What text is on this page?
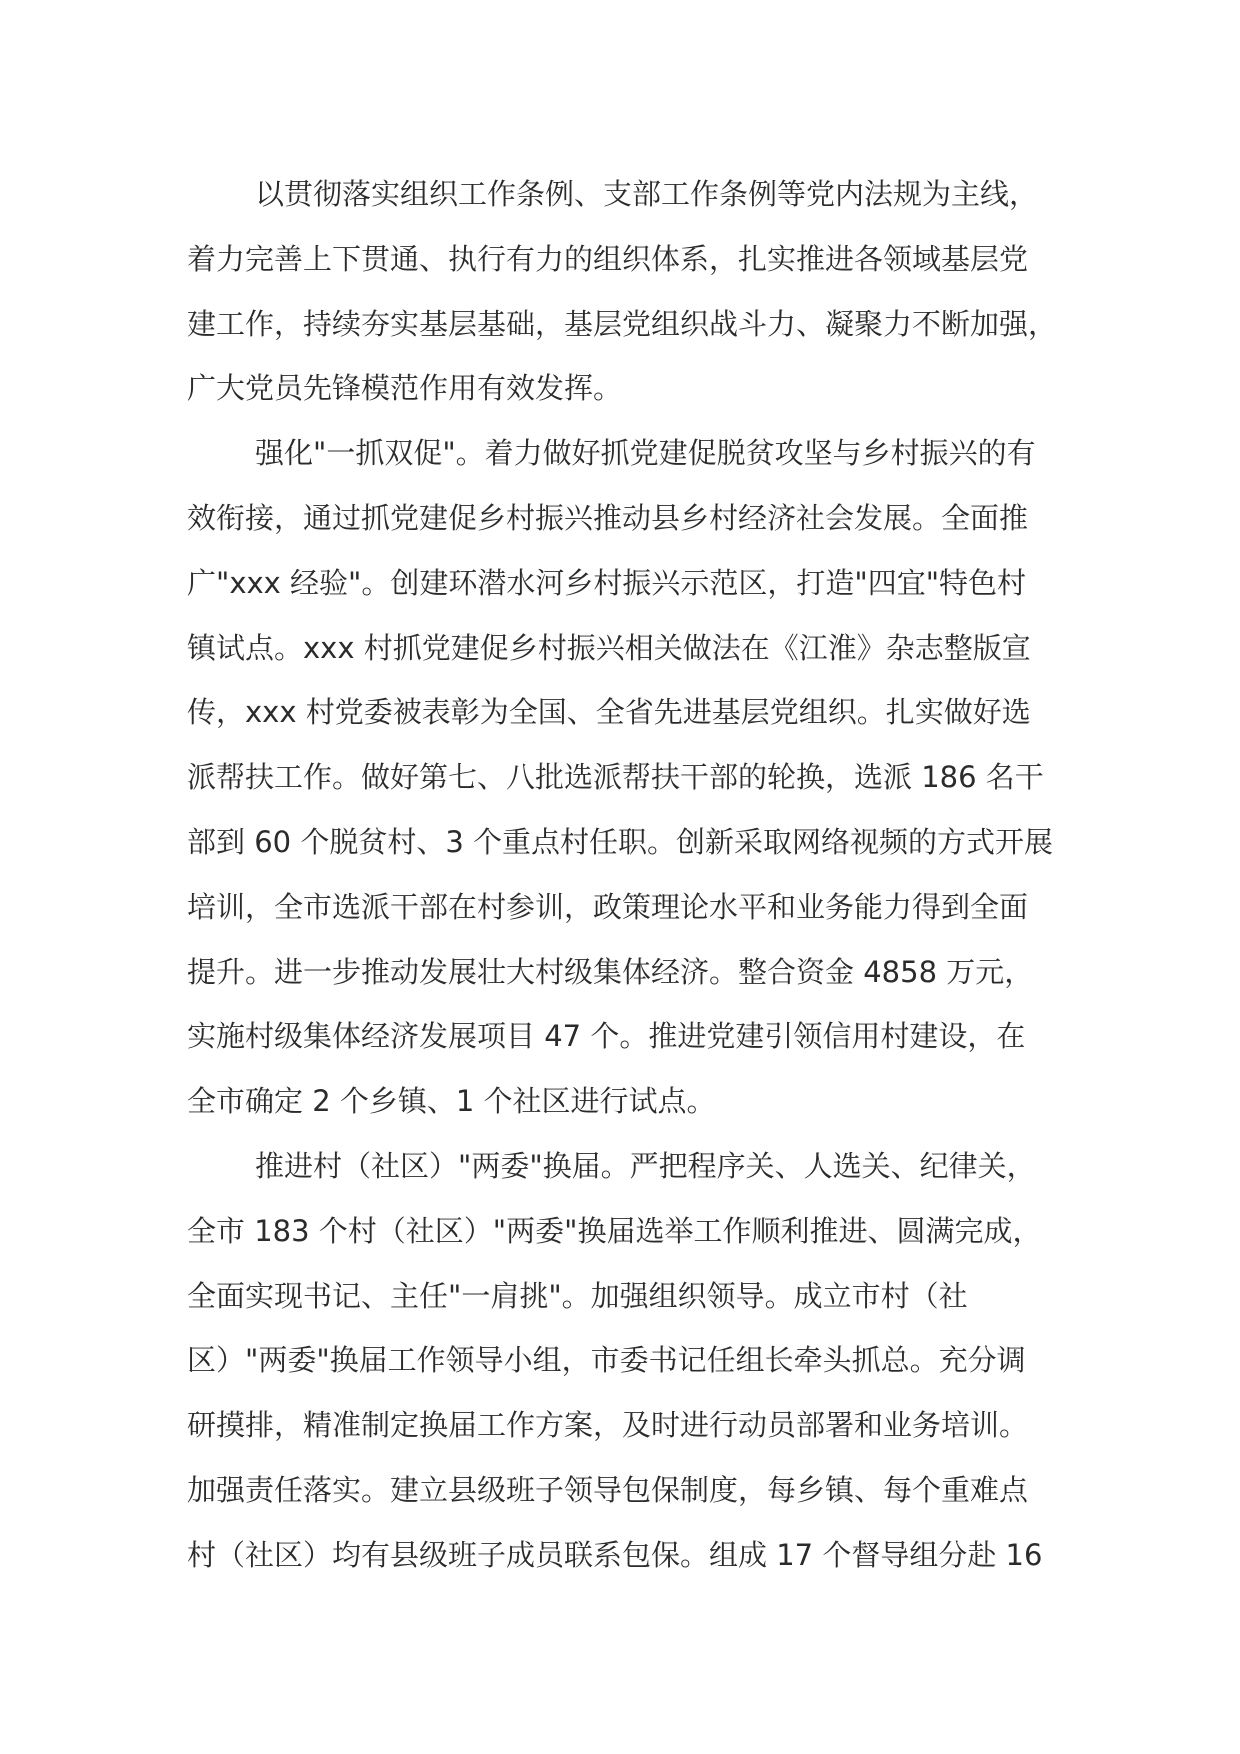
以贯彻落实组织工作条例、支部工作条例等党内法规为主线，
着力完善上下贯通、执行有力的组织体系，扎实推进各领域基层党
建工作，持续夯实基层基础，基层党组织战斗力、凝聚力不断加强，
广大党员先锋模范作用有效发挥。

强化"一抓双促"。着力做好抓党建促脱贫攻坚与乡村振兴的有
效衔接，通过抓党建促乡村振兴推动县乡村经济社会发展。全面推
广"xxx 经验"。创建环潜水河乡村振兴示范区，打造"四宜"特色村
镇试点。xxx 村抓党建促乡村振兴相关做法在《江淮》杂志整版宣
传，xxx 村党委被表彰为全国、全省先进基层党组织。扎实做好选
派帮扶工作。做好第七、八批选派帮扶干部的轮换，选派 186 名干
部到 60 个脱贫村、3 个重点村任职。创新采取网络视频的方式开展
培训，全市选派干部在村参训，政策理论水平和业务能力得到全面
提升。进一步推动发展壮大村级集体经济。整合资金 4858 万元，
实施村级集体经济发展项目 47 个。推进党建引领信用村建设，在
全市确定 2 个乡镇、1 个社区进行试点。

推进村（社区）"两委"换届。严把程序关、人选关、纪律关，
全市 183 个村（社区）"两委"换届选举工作顺利推进、圆满完成，
全面实现书记、主任"一肩挑"。加强组织领导。成立市村（社
区）"两委"换届工作领导小组，市委书记任组长牵头抓总。充分调
研摸排，精准制定换届工作方案，及时进行动员部署和业务培训。
加强责任落实。建立县级班子领导包保制度，每乡镇、每个重难点
村（社区）均有县级班子成员联系包保。组成 17 个督导组分赴 16
